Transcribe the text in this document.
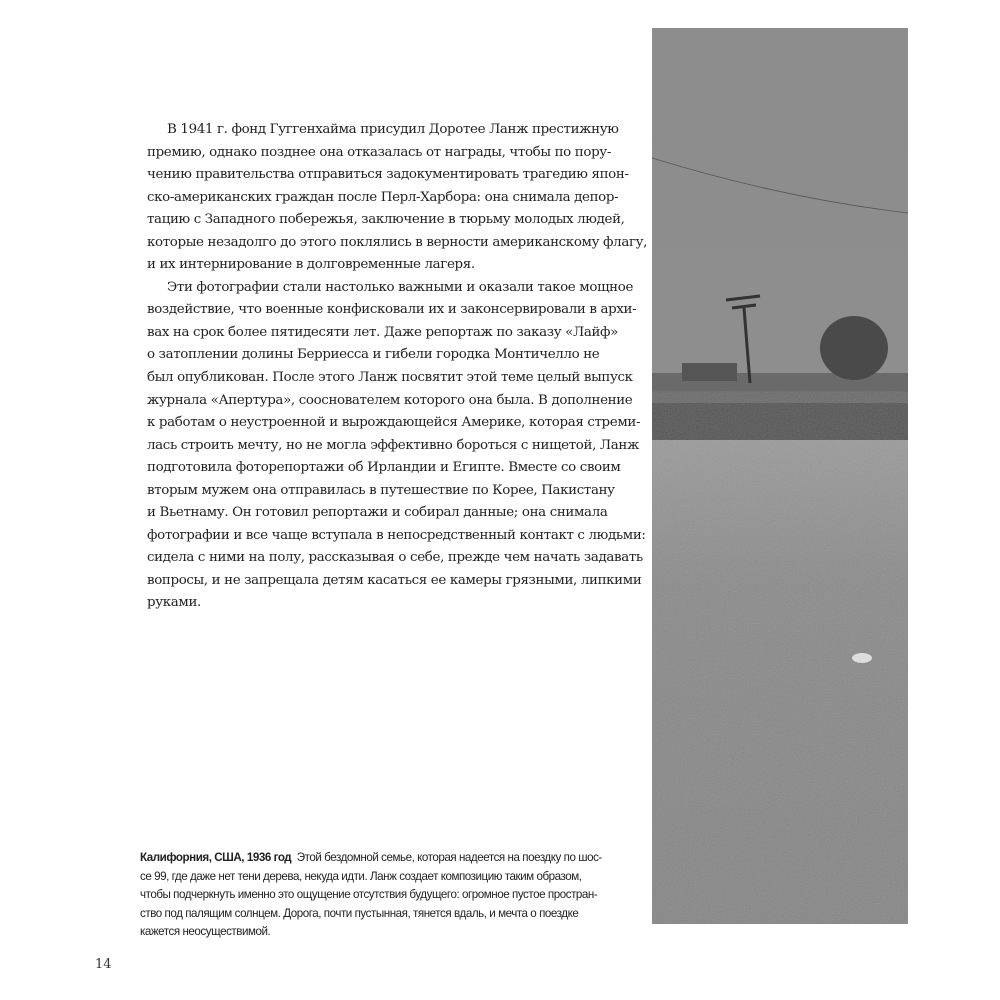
В 1941 г. фонд Гуггенхайма присудил Доротее Ланж престижную
премию, однако позднее она отказалась от награды, чтобы по пору-
чению правительства отправиться задокументировать трагедию япон-
ско-американских граждан после Перл-Харбора: она снимала депор-
тацию с Западного побережья, заключение в тюрьму молодых людей,
которые незадолго до этого поклялись в верности американскому флагу,
и их интернирование в долговременные лагеря.
Эти фотографии стали настолько важными и оказали такое мощное
воздействие, что военные конфисковали их и законсервировали в архи-
вах на срок более пятидесяти лет. Даже репортаж по заказу «Лайф»
о затоплении долины Берриесса и гибели городка Монтичелло не
был опубликован. После этого Ланж посвятит этой теме целый выпуск
журнала «Апертура», сооснователем которого она была. В дополнение
к работам о неустроенной и вырождающейся Америке, которая стреми-
лась строить мечту, но не могла эффективно бороться с нищетой, Ланж
подготовила фоторепортажи об Ирландии и Египте. Вместе со своим
вторым мужем она отправилась в путешествие по Корее, Пакистану
и Вьетнаму. Он готовил репортажи и собирал данные; она снимала
фотографии и все чаще вступала в непосредственный контакт с людьми:
сидела с ними на полу, рассказывая о себе, прежде чем начать задавать
вопросы, и не запрещала детям касаться ее камеры грязными, липкими
руками.
Калифорния, США, 1936 год Этой бездомной семье, которая надеется на поездку по шос-
се 99, где даже нет тени дерева, некуда идти. Ланж создает композицию таким образом,
чтобы подчеркнуть именно это ощущение отсутствия будущего: огромное пустое простран-
ство под палящим солнцем. Дорога, почти пустынная, тянется вдаль, и мечта о поездке
кажется неосуществимой.
14
